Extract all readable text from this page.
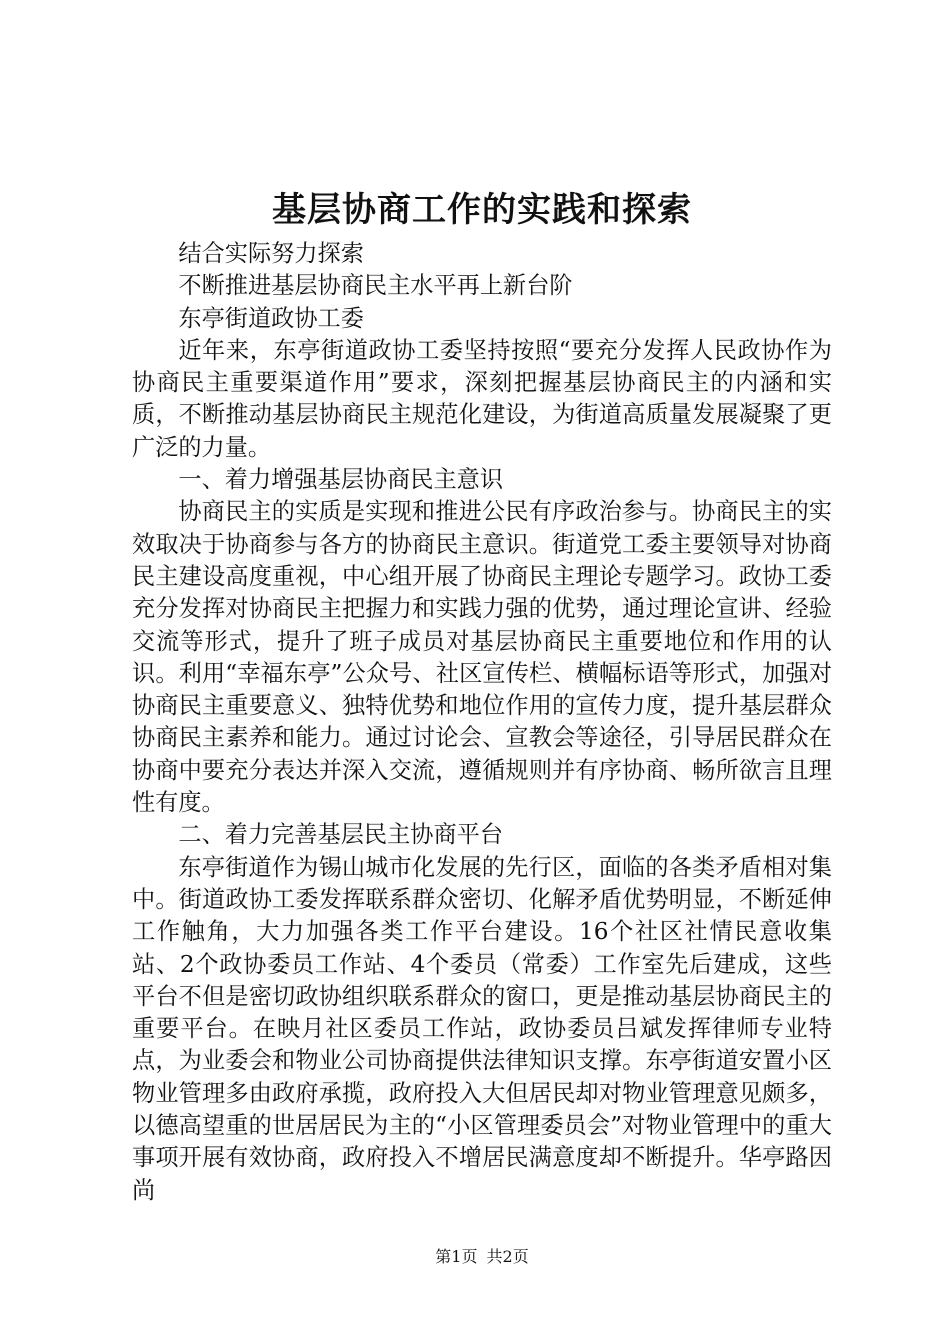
基层协商工作的实践和探索

结合实际努力探索

不断推进基层协商民主水平再上新台阶

东亭街道政协工委

近年来，东亭街道政协工委坚持按照“要充分发挥人民政协作为协商民主重要渠道作用”要求，深刻把握基层协商民主的内涵和实质，不断推动基层协商民主规范化建设，为街道高质量发展凝聚了更广泛的力量。

一、着力增强基层协商民主意识

协商民主的实质是实现和推进公民有序政治参与。协商民主的实效取决于协商参与各方的协商民主意识。街道党工委主要领导对协商民主建设高度重视，中心组开展了协商民主理论专题学习。政协工委充分发挥对协商民主把握力和实践力强的优势，通过理论宣讲、经验交流等形式，提升了班子成员对基层协商民主重要地位和作用的认识。利用“幸福东亭”公众号、社区宣传栏、横幅标语等形式，加强对协商民主重要意义、独特优势和地位作用的宣传力度，提升基层群众协商民主素养和能力。通过讨论会、宣教会等途径，引导居民群众在协商中要充分表达并深入交流，遵循规则并有序协商、畅所欲言且理性有度。

二、着力完善基层民主协商平台

东亭街道作为锡山城市化发展的先行区，面临的各类矛盾相对集中。街道政协工委发挥联系群众密切、化解矛盾优势明显，不断延伸工作触角，大力加强各类工作平台建设。16个社区社情民意收集站、2个政协委员工作站、4个委员（常委）工作室先后建成，这些平台不但是密切政协组织联系群众的窗口，更是推动基层协商民主的重要平台。在映月社区委员工作站，政协委员吕斌发挥律师专业特点，为业委会和物业公司协商提供法律知识支撑。东亭街道安置小区物业管理多由政府承揽，政府投入大但居民却对物业管理意见颇多，以德高望重的世居居民为主的“小区管理委员会”对物业管理中的重大事项开展有效协商，政府投入不增居民满意度却不断提升。华亭路因尚

第1页 共2页
